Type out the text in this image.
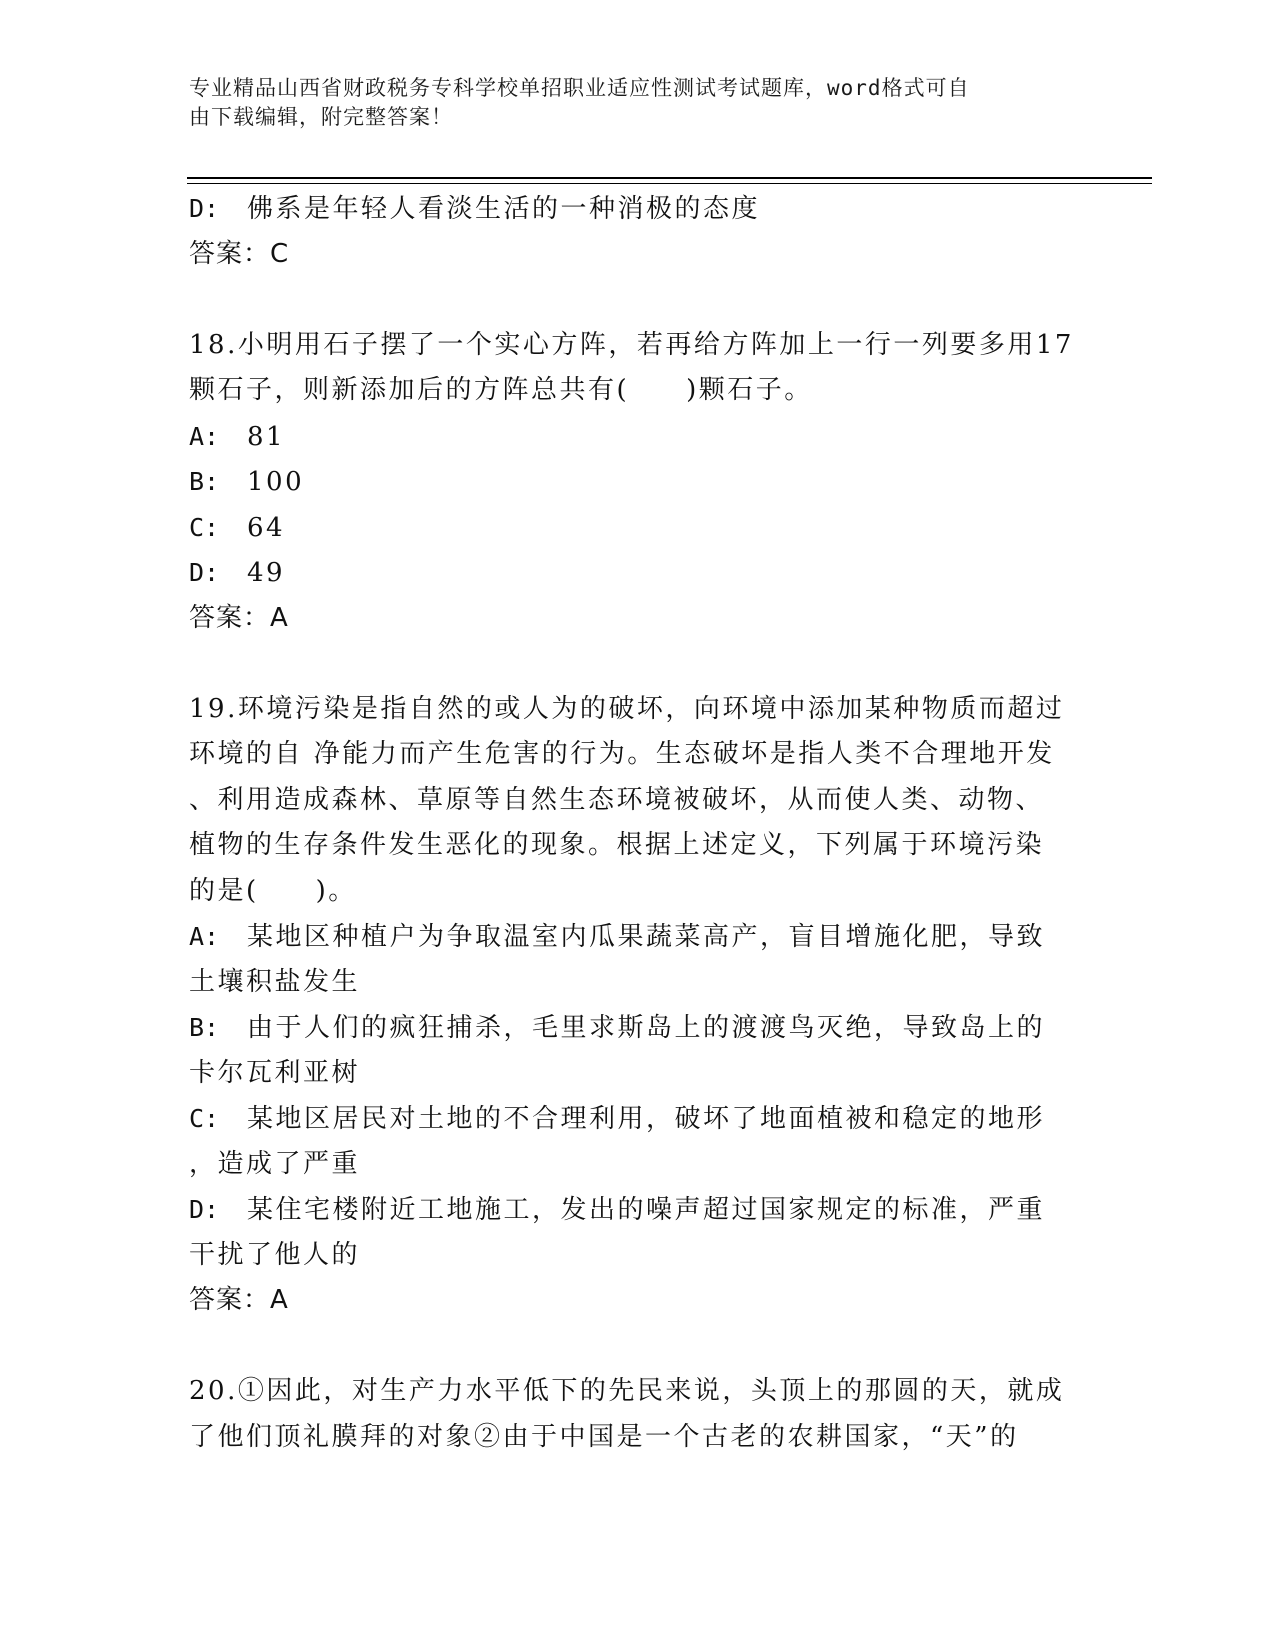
专业精品山西省财政税务专科学校单招职业适应性测试考试题库，word格式可自
由下载编辑，附完整答案！
D: 佛系是年轻人看淡生活的一种消极的态度
答案：C
18.小明用石子摆了一个实心方阵，若再给方阵加上一行一列要多用17
颗石子，则新添加后的方阵总共有(　　)颗石子。
A: 81
B: 100
C: 64
D: 49
答案：A
19.环境污染是指自然的或人为的破坏，向环境中添加某种物质而超过
环境的自 净能力而产生危害的行为。生态破坏是指人类不合理地开发
、利用造成森林、草原等自然生态环境被破坏，从而使人类、动物、
植物的生存条件发生恶化的现象。根据上述定义，下列属于环境污染
的是(　　)。
A: 某地区种植户为争取温室内瓜果蔬菜高产，盲目增施化肥，导致
土壤积盐发生
B: 由于人们的疯狂捕杀，毛里求斯岛上的渡渡鸟灭绝，导致岛上的
卡尔瓦利亚树
C: 某地区居民对土地的不合理利用，破坏了地面植被和稳定的地形
，造成了严重
D: 某住宅楼附近工地施工，发出的噪声超过国家规定的标准，严重
干扰了他人的
答案：A
20.①因此，对生产力水平低下的先民来说，头顶上的那圆的天，就成
了他们顶礼膜拜的对象②由于中国是一个古老的农耕国家，“天”的
